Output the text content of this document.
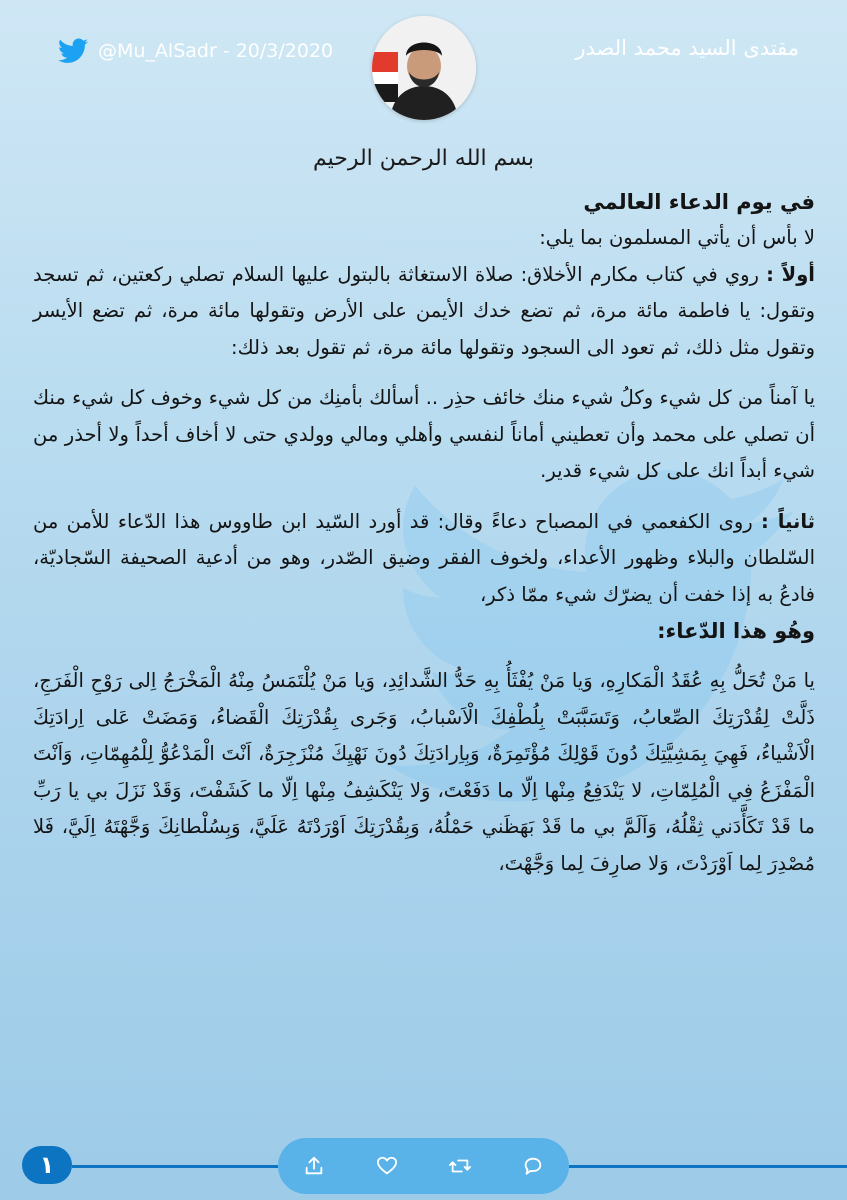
@Mu_AlSadr - 20/3/2020	مقتدى السيد محمد الصدر
بسم الله الرحمن الرحيم

في يوم الدعاء العالمي

لا بأس أن يأتي المسلمون بما يلي:

أولاً : روي في كتاب مكارم الأخلاق: صلاة الاستغاثة بالبتول عليها السلام تصلي ركعتين، ثم تسجد وتقول: يا فاطمة مائة مرة، ثم تضع خدك الأيمن على الأرض وتقولها مائة مرة، ثم تضع الأيسر وتقول مثل ذلك، ثم تعود الى السجود وتقولها مائة مرة، ثم تقول بعد ذلك:

يا آمناً من كل شيء وكلُ شيء منك خائف حذِر .. أسألك بأمنِك من كل شيء وخوف كل شيء منك أن تصلي على محمد وأن تعطيني أماناً لنفسي وأهلي ومالي وولدي حتى لا أخاف أحداً ولا أحذر من شيء أبداً انك على كل شيء قدير.

ثانياً : روى الكفعمي في المصباح دعاءً وقال: قد أورد السّيد ابن طاووس هذا الدّعاء للأمن من السّلطان والبلاء وظهور الأعداء، ولخوف الفقر وضيق الصّدر، وهو من أدعية الصحيفة السّجاديّة، فادعُ به إذا خفت أن يضرّك شيء ممّا ذكر،

وهُو هذا الدّعاء:

يا مَنْ تُحَلُّ بِهِ عُقَدُ الْمَكارِهِ، وَيا مَنْ يُفْثَأُ بِهِ حَدُّ الشَّدائِدِ، وَيا مَنْ يُلْتَمَسُ مِنْهُ الْمَخْرَجُ اِلى رَوْحِ الْفَرَجِ، ذَلَّتْ لِقُدْرَتِكَ الصِّعابُ، وَتَسَبَّبَتْ بِلُطْفِكَ الْاَسْبابُ، وَجَرى بِقُدْرَتِكَ الْقَضاءُ، وَمَضَتْ عَلى اِرادَتِكَ الْاَشْياءُ، فَهِيَ بِمَشِيَّتِكَ دُونَ قَوْلِكَ مُؤْتَمِرَةٌ، وَبِاِرادَتِكَ دُونَ نَهْيِكَ مُنْزَجِرَةٌ، اَنْتَ الْمَدْعُوُّ لِلْمُهِمّاتِ، وَاَنْتَ الْمَفْزَعُ فِي الْمُلِمّاتِ، لا يَنْدَفِعُ مِنْها اِلّا ما دَفَعْتَ، وَلا يَنْكَشِفُ مِنْها اِلّا ما كَشَفْتَ، وَقَدْ نَزَلَ بي يا رَبِّ ما قَدْ تَكَأَّدَني ثِقْلُهُ، وَاَلَمَّ بي ما قَدْ بَهَظَني حَمْلُهُ، وَبِقُدْرَتِكَ اَوْرَدْتَهُ عَلَيَّ، وَبِسُلْطانِكَ وَجَّهْتَهُ اِلَيَّ، فَلا مُصْدِرَ لِما اَوْرَدْتَ، وَلا صارِفَ لِما وَجَّهْتَ،

١
